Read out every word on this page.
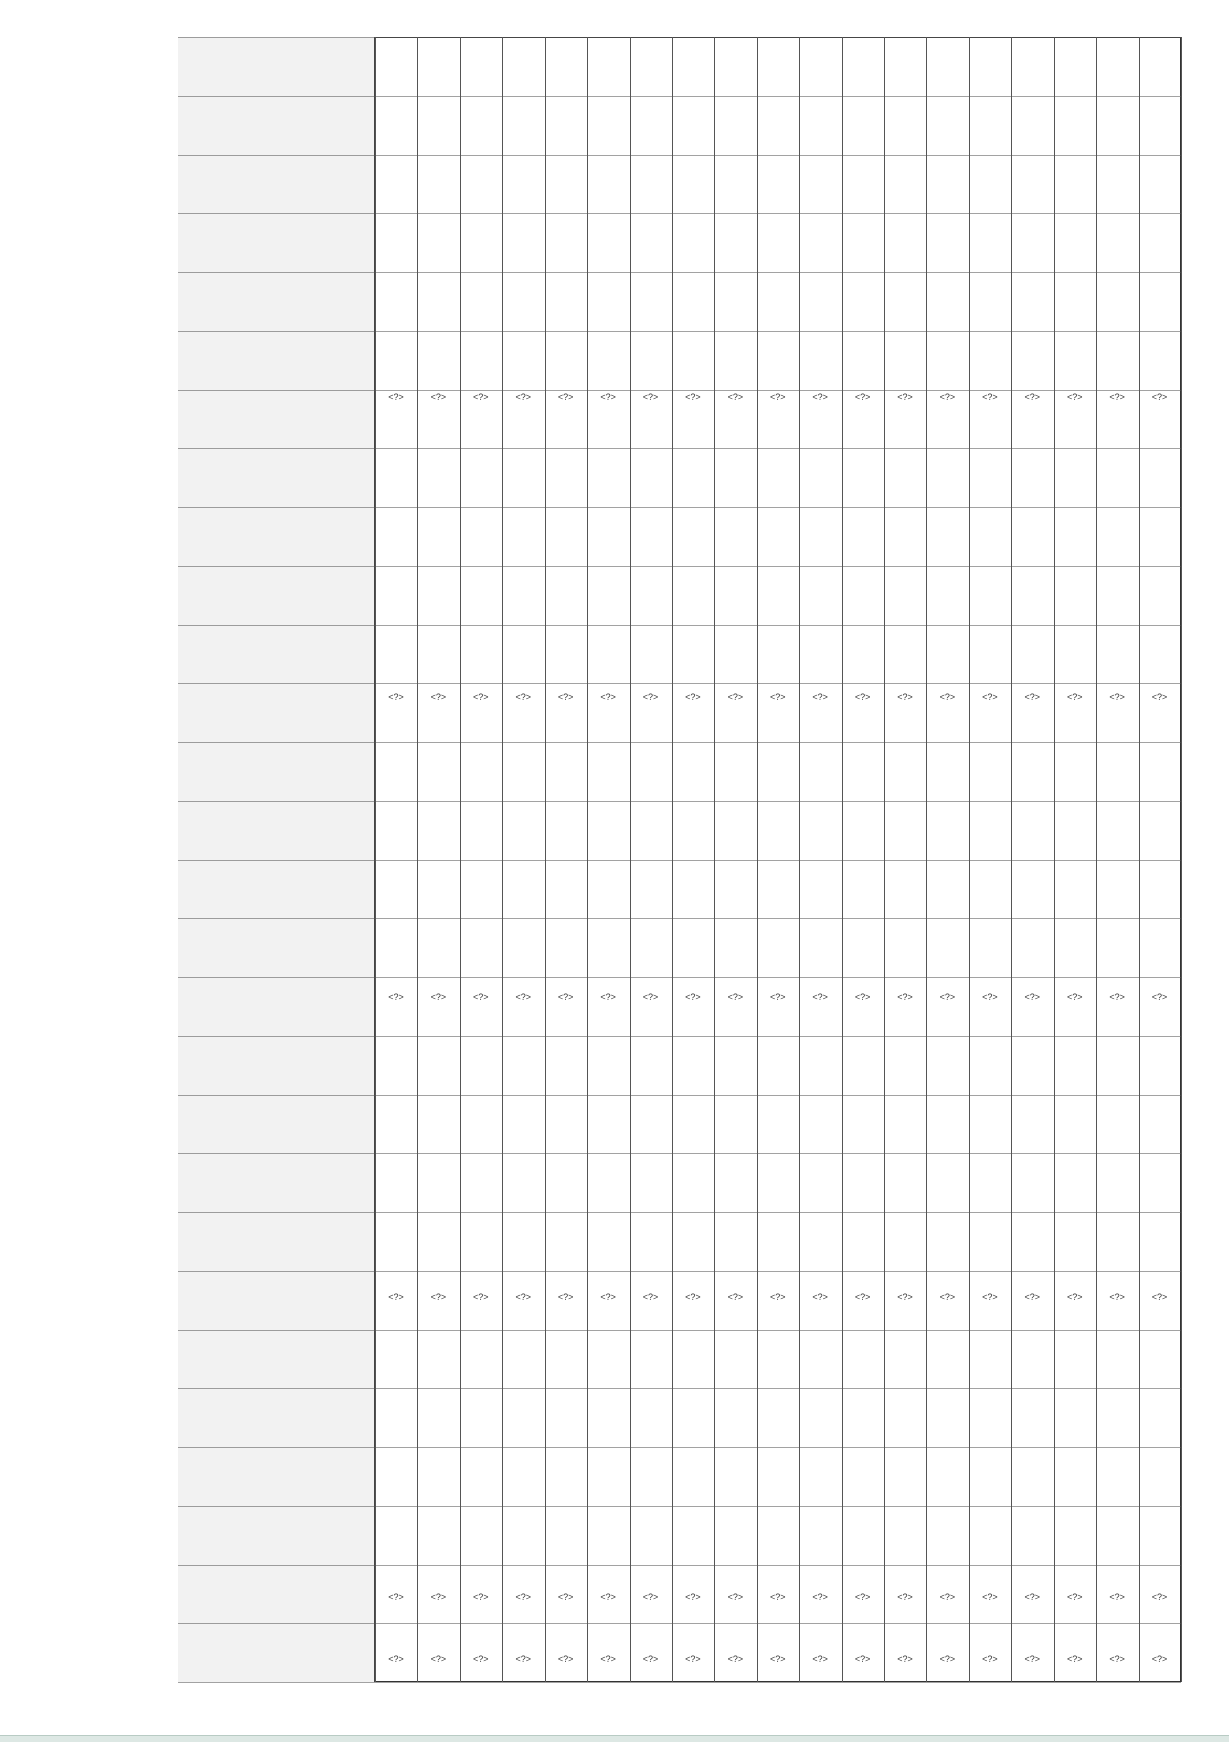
<?>
<?>
<?>
<?>
<?>
<?>
<?>
<?>
<?>
<?>
<?>
<?>
<?>
<?>
<?>
<?>
<?>
<?>
<?>
<?>
<?>
<?>
<?>
<?>
<?>
<?>
<?>
<?>
<?>
<?>
<?>
<?>
<?>
<?>
<?>
<?>
<?>
<?>
<?>
<?>
<?>
<?>
<?>
<?>
<?>
<?>
<?>
<?>
<?>
<?>
<?>
<?>
<?>
<?>
<?>
<?>
<?>
<?>
<?>
<?>
<?>
<?>
<?>
<?>
<?>
<?>
<?>
<?>
<?>
<?>
<?>
<?>
<?>
<?>
<?>
<?>
<?>
<?>
<?>
<?>
<?>
<?>
<?>
<?>
<?>
<?>
<?>
<?>
<?>
<?>
<?>
<?>
<?>
<?>
<?>
<?>
<?>
<?>
<?>
<?>
<?>
<?>
<?>
<?>
<?>
<?>
<?>
<?>
<?>
<?>
<?>
<?>
<?>
<?>
